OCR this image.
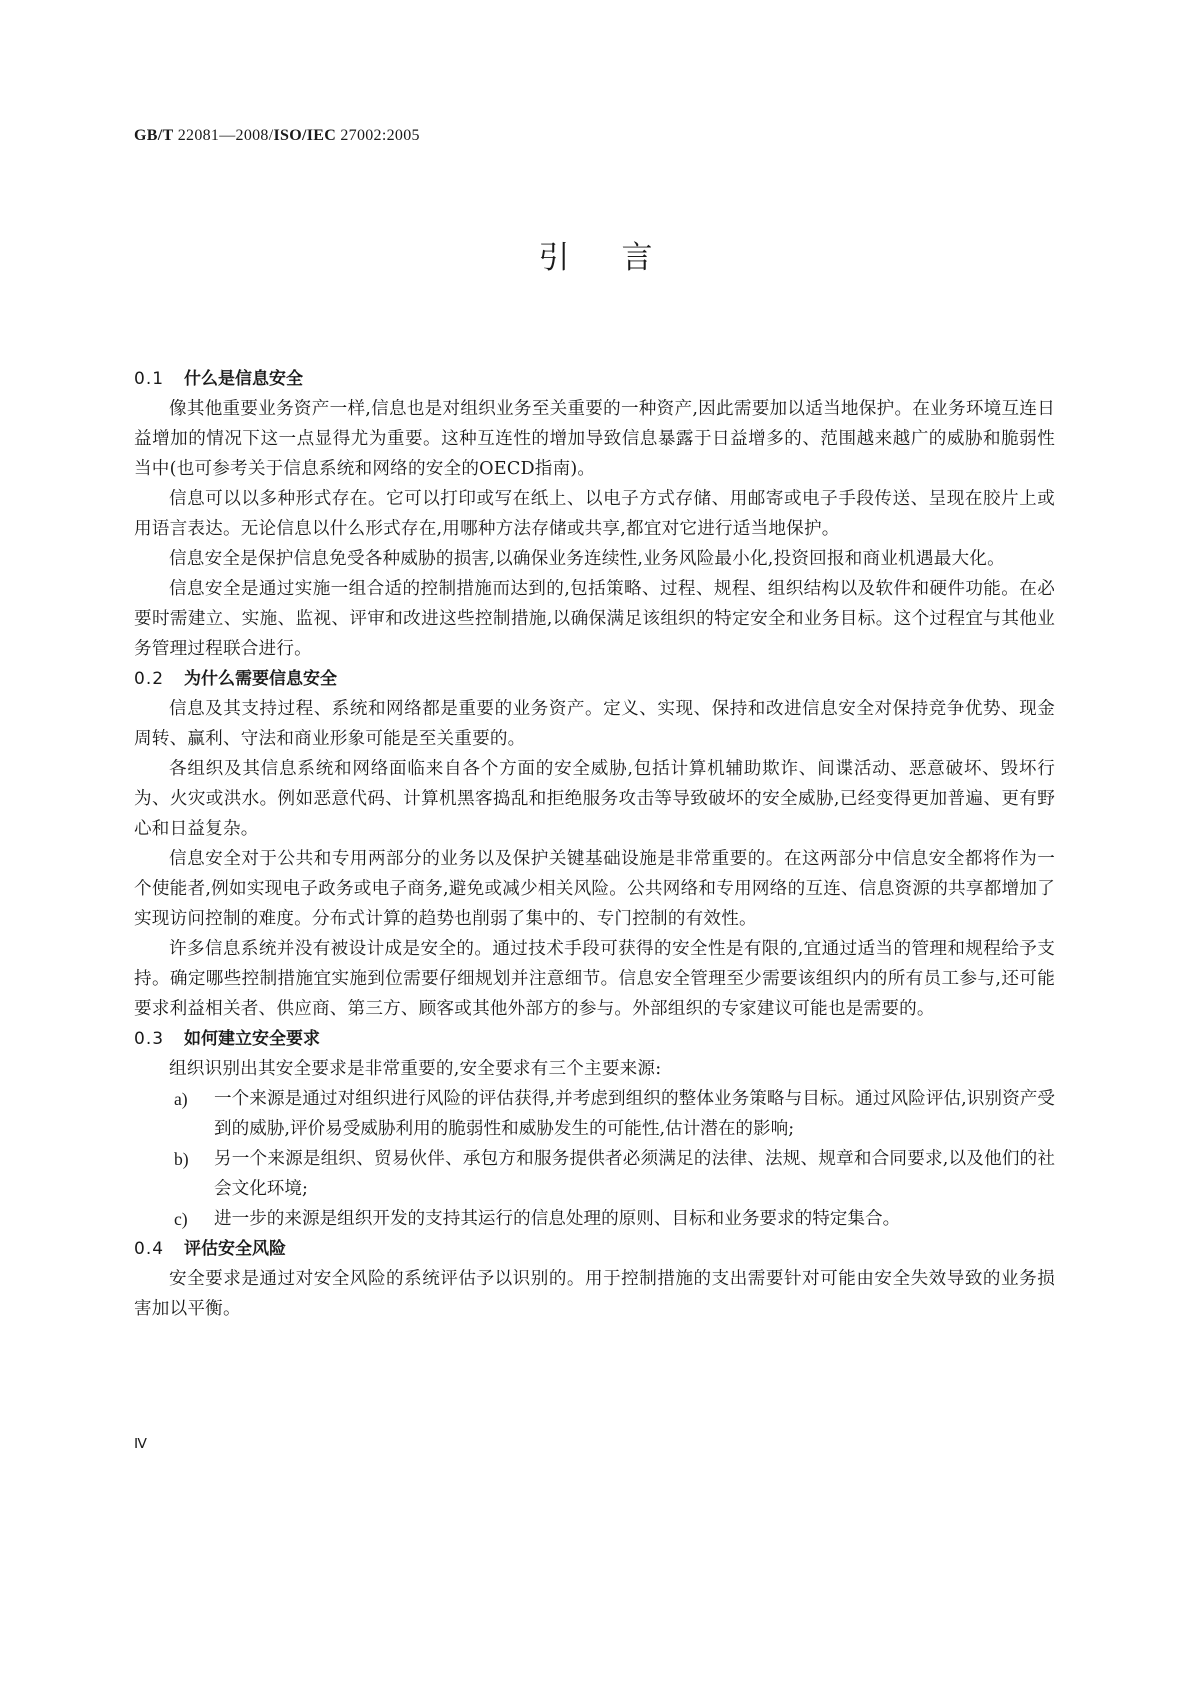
GB/T 22081—2008/ISO/IEC 27002:2005
引言
0.1 什么是信息安全

像其他重要业务资产一样,信息也是对组织业务至关重要的一种资产,因此需要加以适当地保护。在业务环境互连日益增加的情况下这一点显得尤为重要。这种互连性的增加导致信息暴露于日益增多的、范围越来越广的威胁和脆弱性当中(也可参考关于信息系统和网络的安全的OECD指南)。

信息可以以多种形式存在。它可以打印或写在纸上、以电子方式存储、用邮寄或电子手段传送、呈现在胶片上或用语言表达。无论信息以什么形式存在,用哪种方法存储或共享,都宜对它进行适当地保护。

信息安全是保护信息免受各种威胁的损害,以确保业务连续性,业务风险最小化,投资回报和商业机遇最大化。

信息安全是通过实施一组合适的控制措施而达到的,包括策略、过程、规程、组织结构以及软件和硬件功能。在必要时需建立、实施、监视、评审和改进这些控制措施,以确保满足该组织的特定安全和业务目标。这个过程宜与其他业务管理过程联合进行。

0.2 为什么需要信息安全

信息及其支持过程、系统和网络都是重要的业务资产。定义、实现、保持和改进信息安全对保持竞争优势、现金周转、赢利、守法和商业形象可能是至关重要的。

各组织及其信息系统和网络面临来自各个方面的安全威胁,包括计算机辅助欺诈、间谍活动、恶意破坏、毁坏行为、火灾或洪水。例如恶意代码、计算机黑客捣乱和拒绝服务攻击等导致破坏的安全威胁,已经变得更加普遍、更有野心和日益复杂。

信息安全对于公共和专用两部分的业务以及保护关键基础设施是非常重要的。在这两部分中信息安全都将作为一个使能者,例如实现电子政务或电子商务,避免或减少相关风险。公共网络和专用网络的互连、信息资源的共享都增加了实现访问控制的难度。分布式计算的趋势也削弱了集中的、专门控制的有效性。

许多信息系统并没有被设计成是安全的。通过技术手段可获得的安全性是有限的,宜通过适当的管理和规程给予支持。确定哪些控制措施宜实施到位需要仔细规划并注意细节。信息安全管理至少需要该组织内的所有员工参与,还可能要求利益相关者、供应商、第三方、顾客或其他外部方的参与。外部组织的专家建议可能也是需要的。

0.3 如何建立安全要求

组织识别出其安全要求是非常重要的,安全要求有三个主要来源:

a)	一个来源是通过对组织进行风险的评估获得,并考虑到组织的整体业务策略与目标。通过风险评估,识别资产受到的威胁,评价易受威胁利用的脆弱性和威胁发生的可能性,估计潜在的影响;
b)	另一个来源是组织、贸易伙伴、承包方和服务提供者必须满足的法律、法规、规章和合同要求,以及他们的社会文化环境;
c)	进一步的来源是组织开发的支持其运行的信息处理的原则、目标和业务要求的特定集合。
0.4 评估安全风险

安全要求是通过对安全风险的系统评估予以识别的。用于控制措施的支出需要针对可能由安全失效导致的业务损害加以平衡。

Ⅳ
